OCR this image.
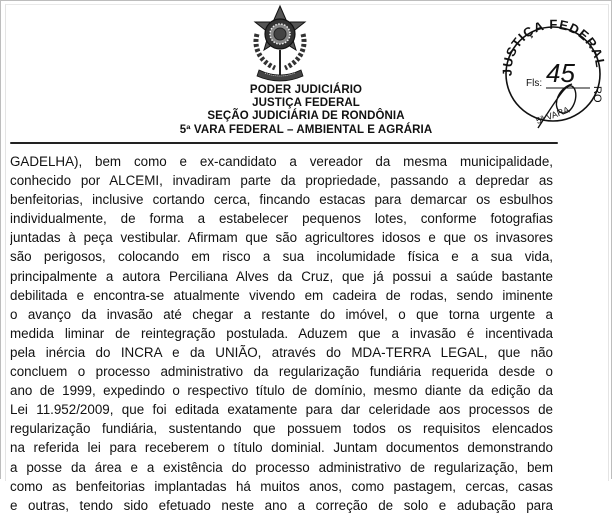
PODER JUDICIÁRIO
JUSTIÇA FEDERAL
SEÇÃO JUDICIÁRIA DE RONDÔNIA
5ª VARA FEDERAL – AMBIENTAL E AGRÁRIA
JUSTIÇA FEDERAL
RO
Fls: 45
5ª VARA
GADELHA), bem como e ex-candidato a vereador da mesma municipalidade,
conhecido por ALCEMI, invadiram parte da propriedade, passando a depredar as
benfeitorias, inclusive cortando cerca, fincando estacas para demarcar os esbulhos
individualmente, de forma a estabelecer pequenos lotes, conforme fotografias
juntadas à peça vestibular. Afirmam que são agricultores idosos e que os invasores
são perigosos, colocando em risco a sua incolumidade física e a sua vida,
principalmente a autora Perciliana Alves da Cruz, que já possui a saúde bastante
debilitada e encontra-se atualmente vivendo em cadeira de rodas, sendo iminente
o avanço da invasão até chegar a restante do imóvel, o que torna urgente a
medida liminar de reintegração postulada. Aduzem que a invasão é incentivada
pela inércia do INCRA e da UNIÃO, através do MDA-TERRA LEGAL, que não
concluem o processo administrativo da regularização fundiária requerida desde o
ano de 1999, expedindo o respectivo título de domínio, mesmo diante da edição da
Lei 11.952/2009, que foi editada exatamente para dar celeridade aos processos de
regularização fundiária, sustentando que possuem todos os requisitos elencados
na referida lei para receberem o título dominial. Juntam documentos demonstrando
a posse da área e a existência do processo administrativo de regularização, bem
como as benfeitorias implantadas há muitos anos, como pastagem, cercas, casas
e outras, tendo sido efetuado neste ano a correção de solo e adubação para
